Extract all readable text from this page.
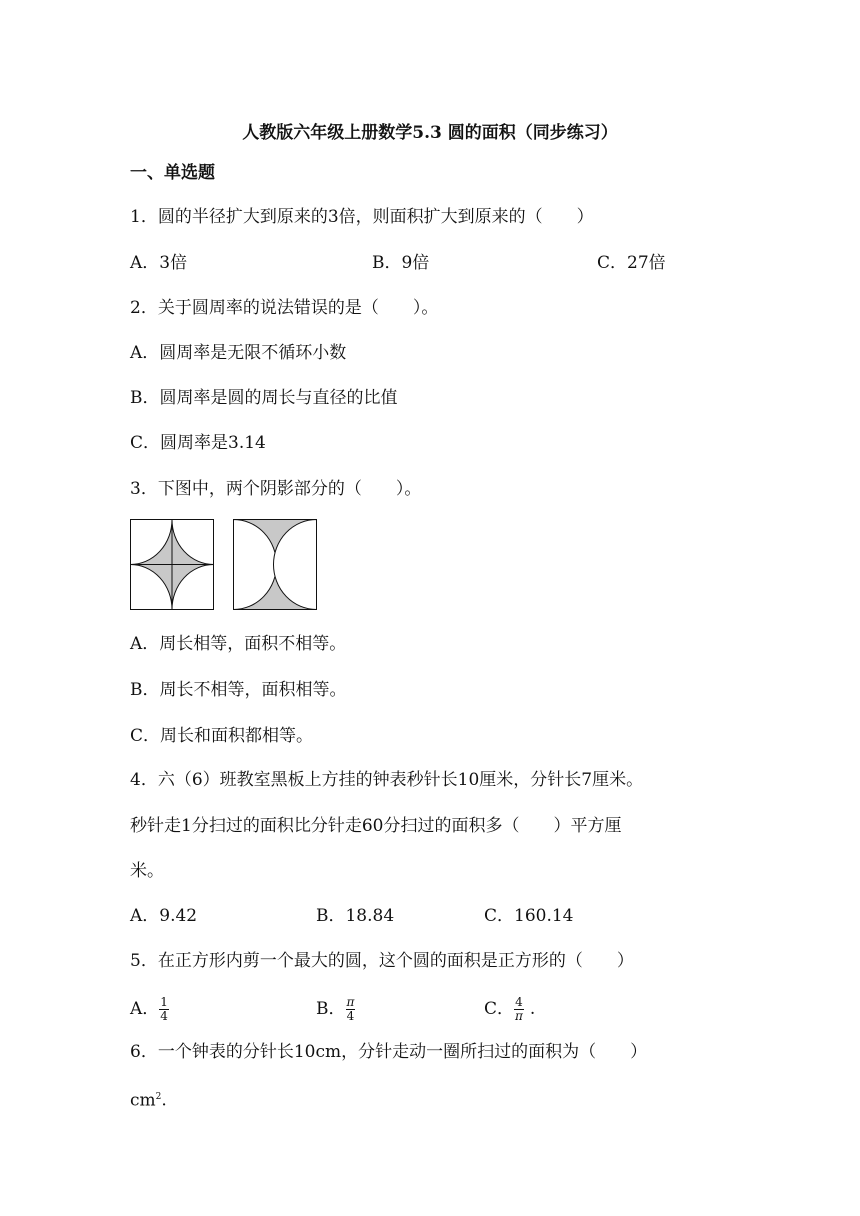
人教版六年级上册数学5.3 圆的面积（同步练习）
一、单选题
1．圆的半径扩大到原来的3倍，则面积扩大到原来的（　　）
A．3倍	B．9倍	C．27倍
2．关于圆周率的说法错误的是（　　）。
A．圆周率是无限不循环小数
B．圆周率是圆的周长与直径的比值
C．圆周率是3.14
3．下图中，两个阴影部分的（　　）。
A．周长相等，面积不相等。
B．周长不相等，面积相等。
C．周长和面积都相等。
4．六（6）班教室黑板上方挂的钟表秒针长10厘米，分针长7厘米。
秒针走1分扫过的面积比分针走60分扫过的面积多（　　）平方厘
米。
A．9.42	B．18.84	C．160.14
5．在正方形内剪一个最大的圆，这个圆的面积是正方形的（　　）
A． $\frac{1}{4}$	B． $\frac{\pi}{4}$	C． $\frac{4}{\pi}$ .
6．一个钟表的分针长10cm，分针走动一圈所扫过的面积为（　　）
$cm^2$.
